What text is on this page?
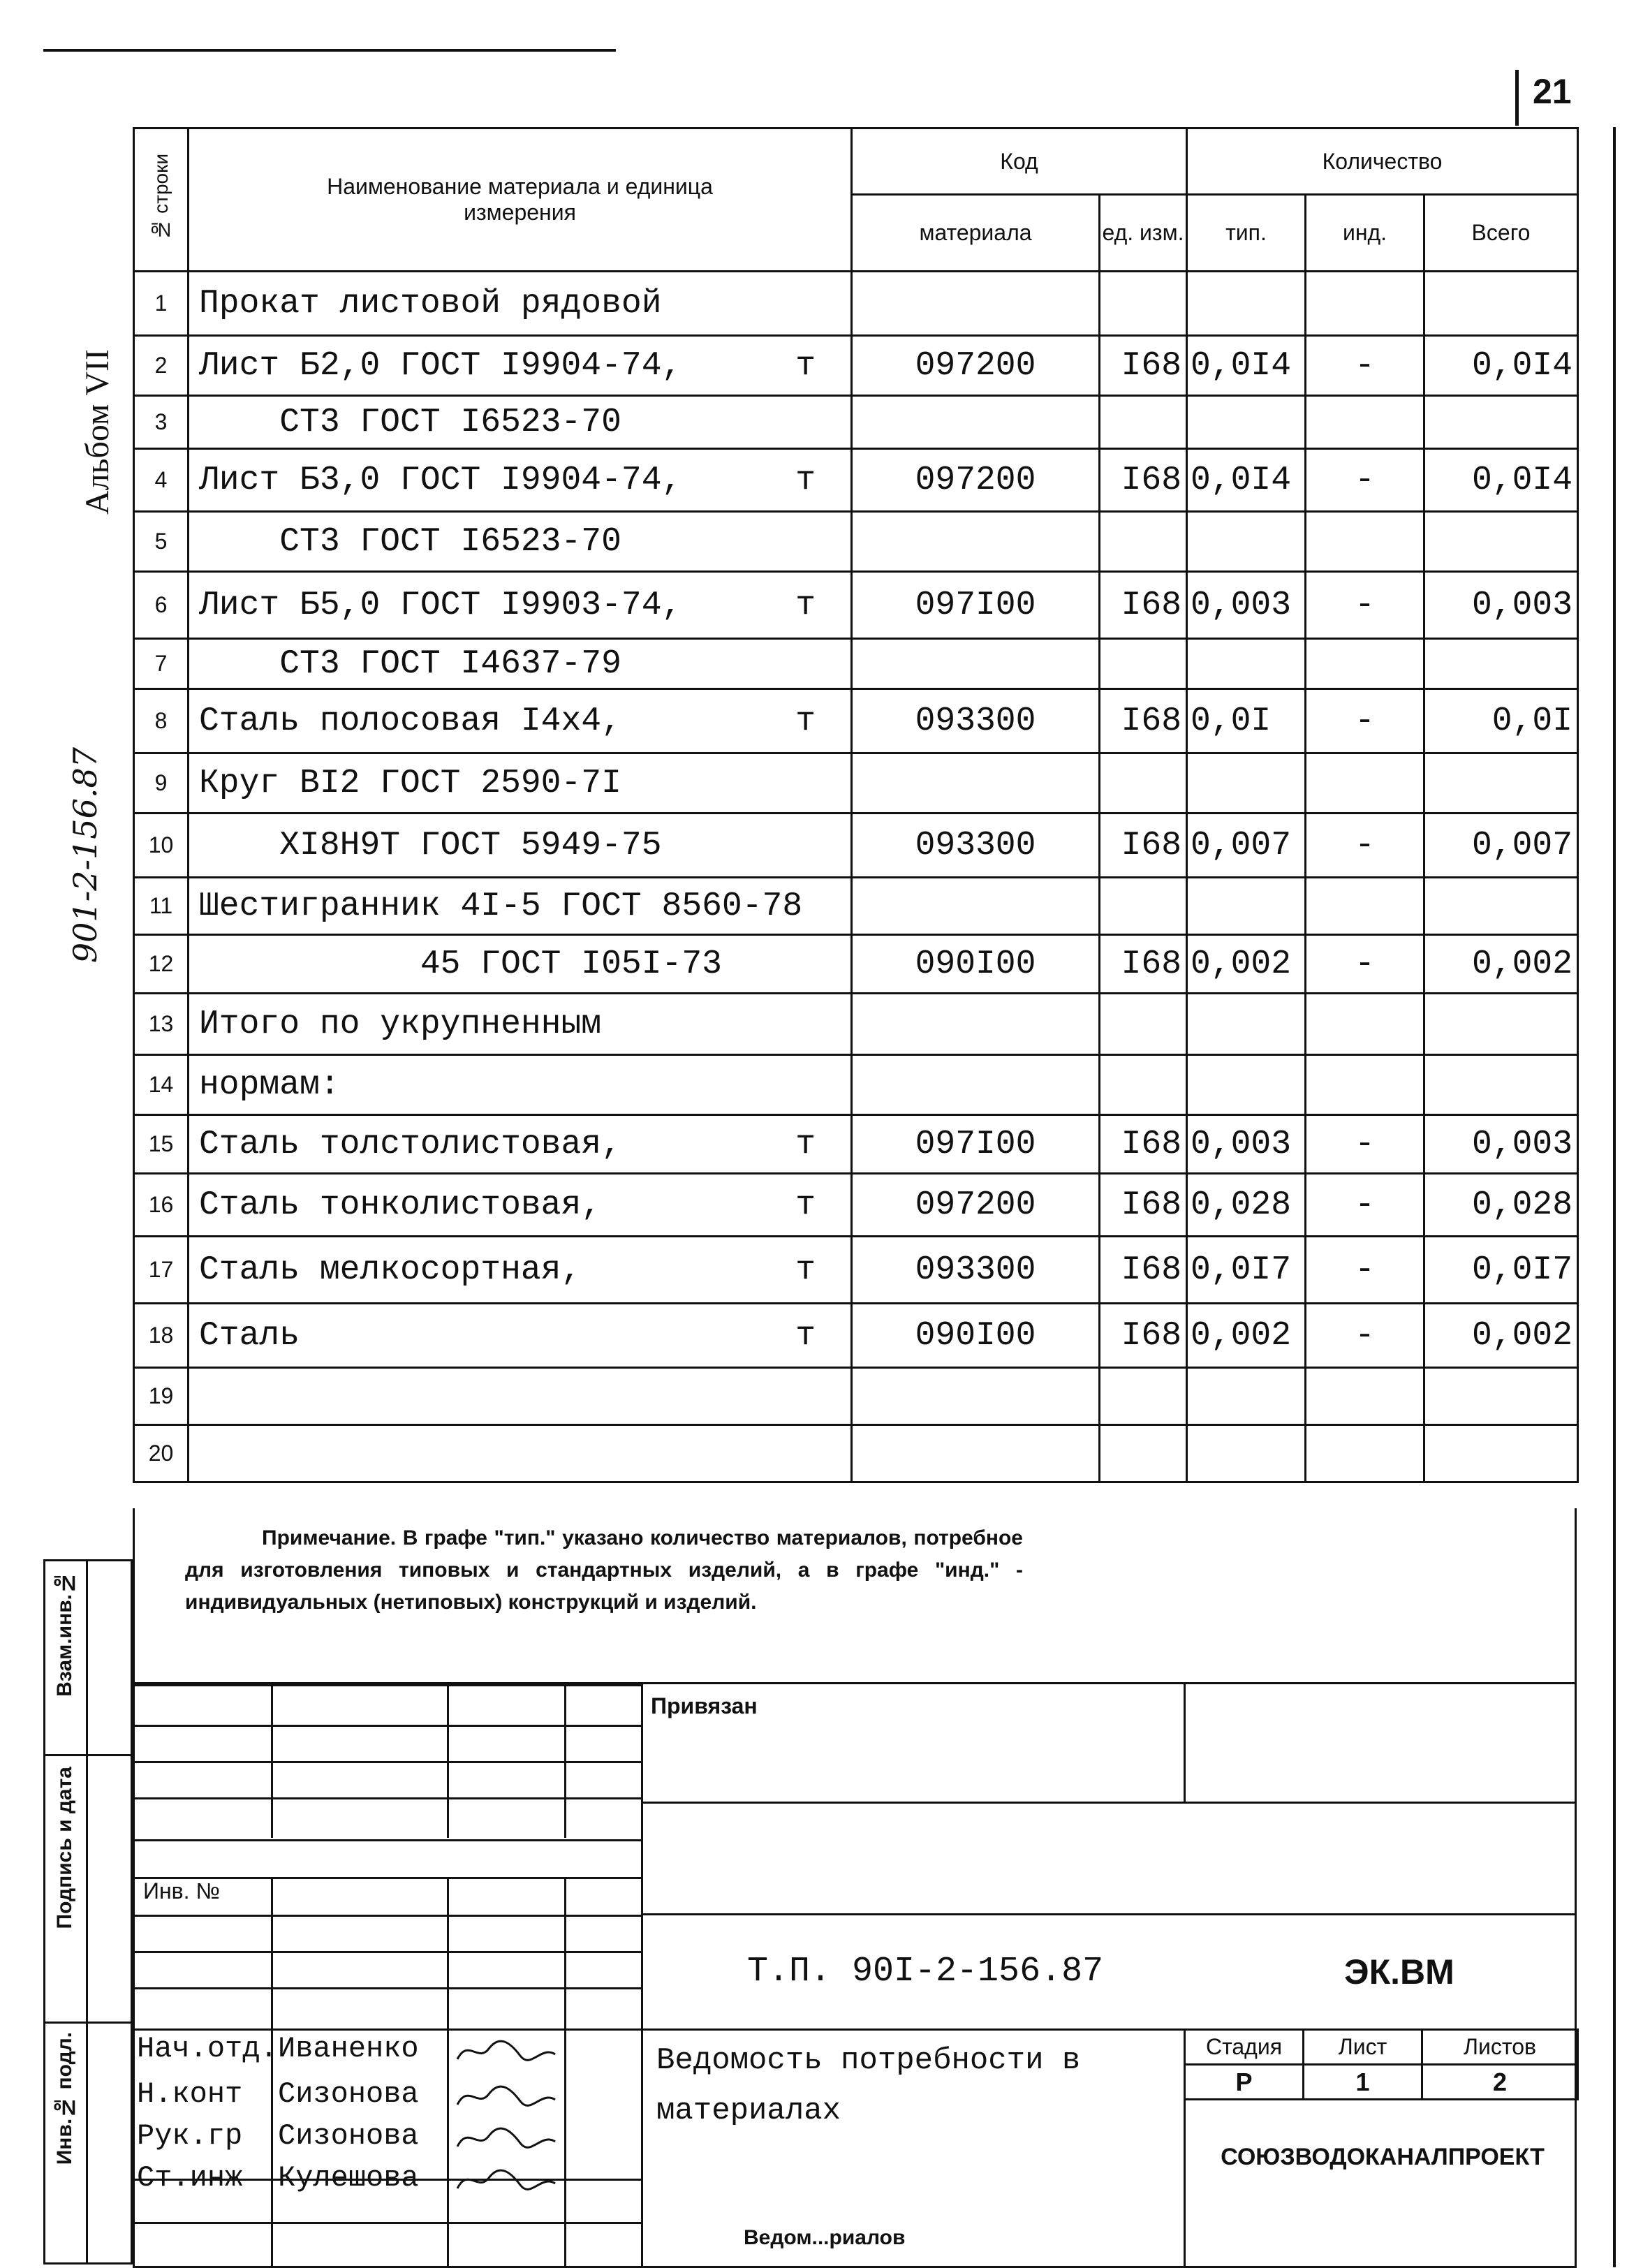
21
Альбом VII
901-2-156.87
№ строки	Наименование материала и единица измерения	Код		Количество		
		материала	ед. изм.	тип.	инд.	Всего
1	Прокат листовой рядовой					

2	Лист Б2,0 ГОСТ I9904-74, т	097200	I68	0,0I4	-	0,0I4
3	СТ3 ГОСТ I6523-70					

4	Лист Б3,0 ГОСТ I9904-74, т	097200	I68	0,0I4	-	0,0I4
5	СТ3 ГОСТ I6523-70					

6	Лист Б5,0 ГОСТ I9903-74, т	097I00	I68	0,003	-	0,003
7	СТ3 ГОСТ I4637-79					

8	Сталь полосовая I4х4, т	093300	I68	0,0I	-	0,0I
9	Круг ВI2 ГОСТ 2590-7I					

10	ХI8Н9Т ГОСТ 5949-75	093300	I68	0,007	-	0,007
11	Шестигранник 4I-5 ГОСТ 8560-78					

12	45 ГОСТ I05I-73	090I00	I68	0,002	-	0,002
13	Итого по укрупненным					

14	нормам:					

15	Сталь толстолистовая, т	097I00	I68	0,003	-	0,003
16	Сталь тонколистовая, т	097200	I68	0,028	-	0,028
17	Сталь мелкосортная, т	093300	I68	0,0I7	-	0,0I7
18	Сталь т	090I00	I68	0,002	-	0,002
19	

20	

Примечание. В графе "тип." указано количество материалов, потребное для изготовления типовых и стандартных изделий, а в графе "инд." - индивидуальных (нетиповых) конструкций и изделий.
Взам.инв.№
Подпись и дата
Инв.№ подл.
Инв. №
Нач.отд. Иваненко
Н.конт Сизонова
Рук.гр Сизонова
Ст.инж Кулешова
Привязан
Т.П. 90I-2-156.87	ЭК.ВМ
Ведомость потребности в материалах
Ведом...риалов
Стадия	Лист	Листов
Р	1	2
СОЮЗВОДОКАНАЛПРОЕКТ
